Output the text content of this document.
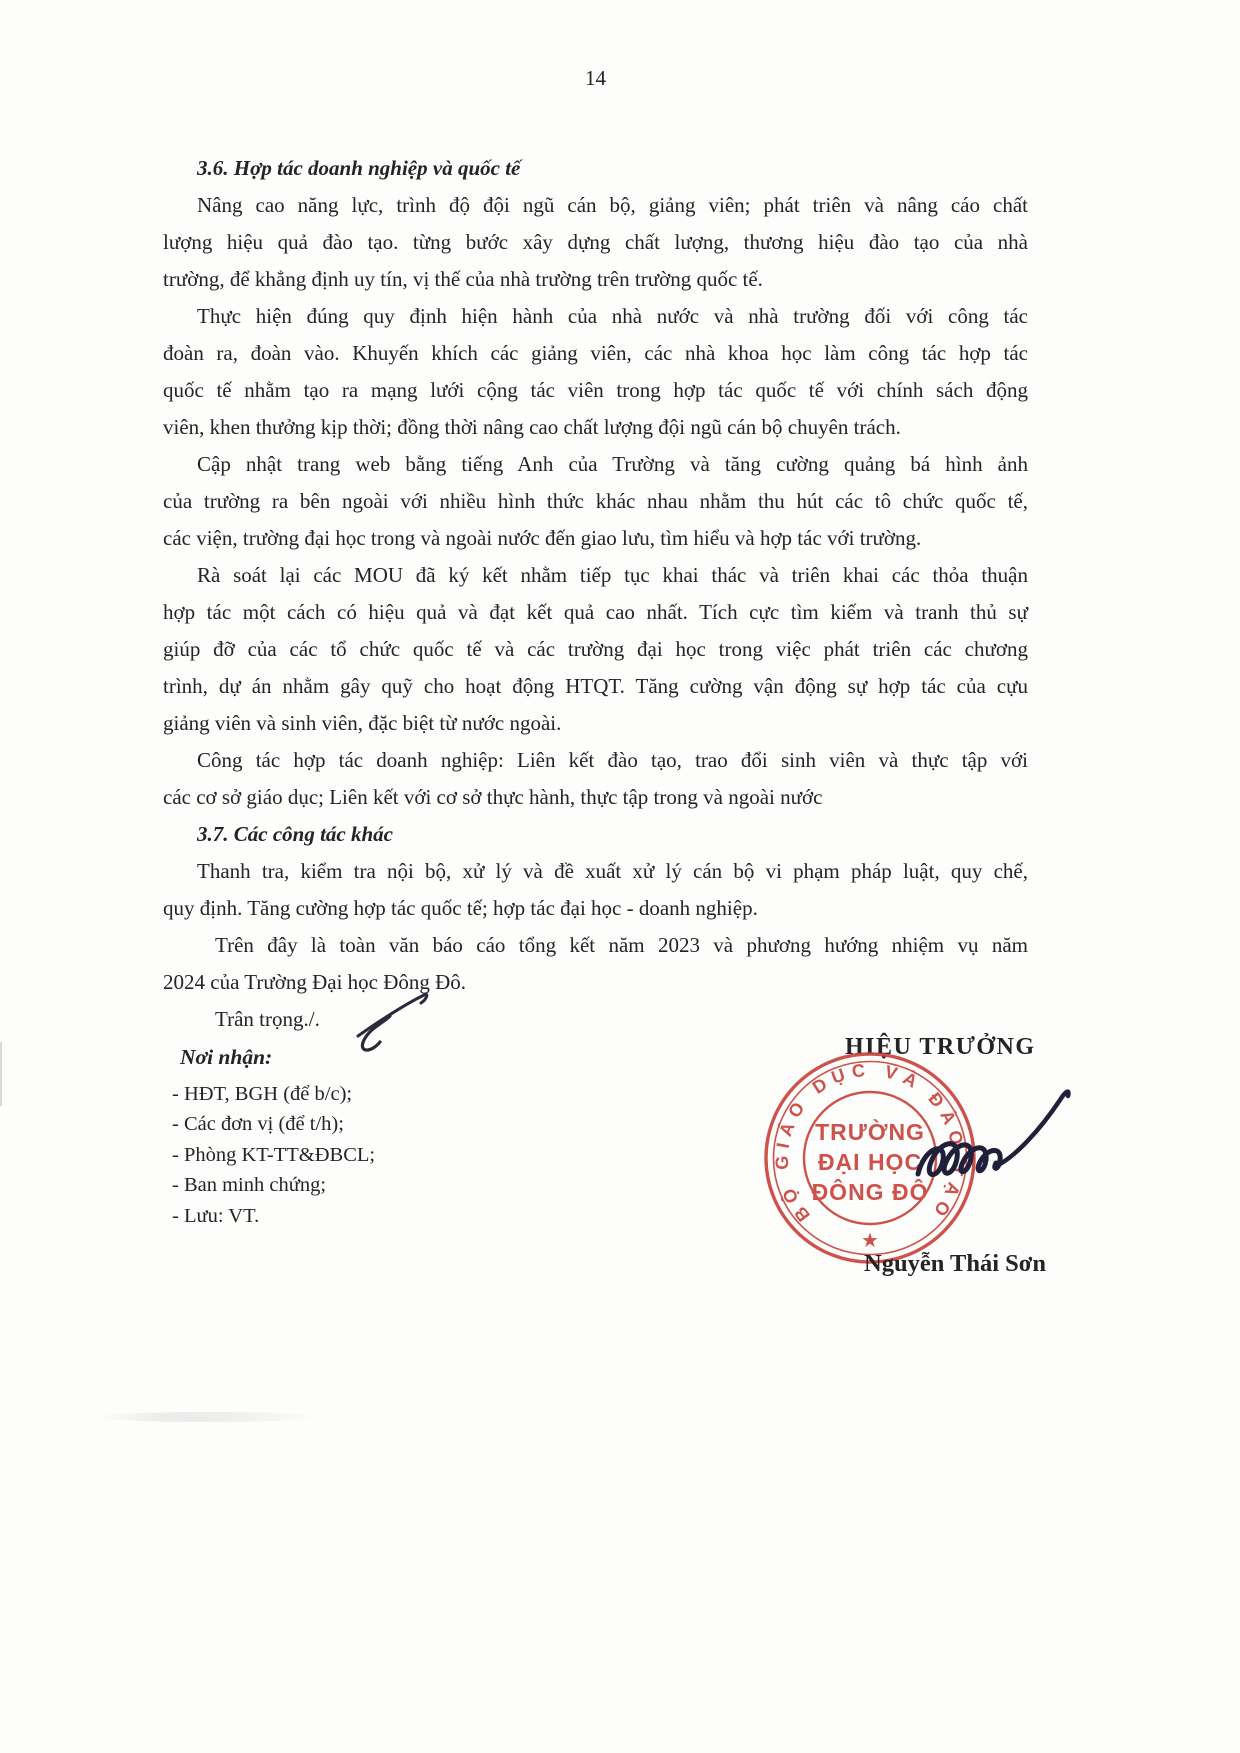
14
3.6. Hợp tác doanh nghiệp và quốc tế
Nâng cao năng lực, trình độ đội ngũ cán bộ, giảng viên; phát triên và nâng cáo chất
lượng hiệu quả đào tạo. từng bước xây dựng chất lượng, thương hiệu đào tạo của nhà
trường, để khẳng định uy tín, vị thế của nhà trường trên trường quốc tế.
Thực hiện đúng quy định hiện hành của nhà nước và nhà trường đối với công tác
đoàn ra, đoàn vào. Khuyến khích các giảng viên, các nhà khoa học làm công tác hợp tác
quốc tế nhằm tạo ra mạng lưới cộng tác viên trong hợp tác quốc tế với chính sách động
viên, khen thưởng kịp thời; đồng thời nâng cao chất lượng đội ngũ cán bộ chuyên trách.
Cập nhật trang web bằng tiếng Anh của Trường và tăng cường quảng bá hình ảnh
của trường ra bên ngoài với nhiều hình thức khác nhau nhằm thu hút các tô chức quốc tế,
các viện, trường đại học trong và ngoài nước đến giao lưu, tìm hiểu và hợp tác với trường.
Rà soát lại các MOU đã ký kết nhằm tiếp tục khai thác và triên khai các thỏa thuận
hợp tác một cách có hiệu quả và đạt kết quả cao nhất. Tích cực tìm kiếm và tranh thủ sự
giúp đỡ của các tổ chức quốc tế và các trường đại học trong việc phát triên các chương
trình, dự án nhằm gây quỹ cho hoạt động HTQT. Tăng cường vận động sự hợp tác của cựu
giảng viên và sinh viên, đặc biệt từ nước ngoài.
Công tác hợp tác doanh nghiệp: Liên kết đào tạo, trao đổi sinh viên và thực tập với
các cơ sở giáo dục; Liên kết với cơ sở thực hành, thực tập trong và ngoài nước
3.7. Các công tác khác
Thanh tra, kiểm tra nội bộ, xử lý và đề xuất xử lý cán bộ vi phạm pháp luật, quy chế,
quy định. Tăng cường hợp tác quốc tế; hợp tác đại học - doanh nghiệp.
Trên đây là toàn văn báo cáo tổng kết năm 2023 và phương hướng nhiệm vụ năm
2024 của Trường Đại học Đông Đô.
Trân trọng./.
Nơi nhận:
- HĐT, BGH (để b/c);
- Các đơn vị (để t/h);
- Phòng KT-TT&ĐBCL;
- Ban minh chứng;
- Lưu: VT.
HIỆU TRƯỞNG
BỘ GIÁO DỤC VÀ ĐÀO TẠO
★
TRƯỜNG
ĐẠI HỌC
ĐÔNG ĐÔ
Nguyễn Thái Sơn
